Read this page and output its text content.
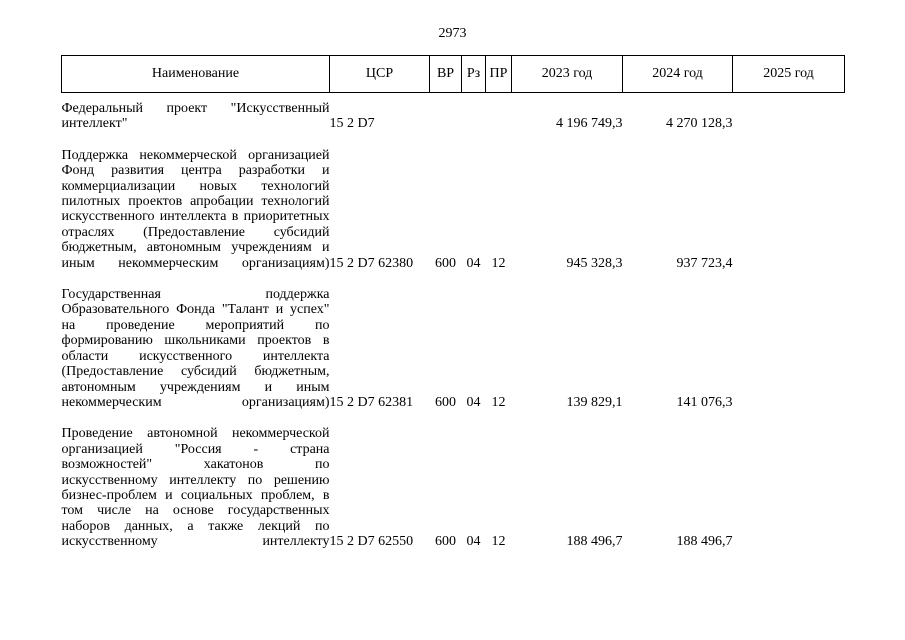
2973
Наименование	ЦСР	ВР	Рз	ПР	2023 год	2024 год	2025 год
Федеральный проект "Искусственный интеллект"	15 2 D7				4 196 749,3	4 270 128,3	
Поддержка некоммерческой организацией Фонд развития центра разработки и коммерциализации новых технологий пилотных проектов апробации технологий искусственного интеллекта в приоритетных отраслях (Предоставление субсидий бюджетным, автономным учреждениям и иным некоммерческим организациям)	15 2 D7 62380	600	04	12	945 328,3	937 723,4	
Государственная поддержка Образовательного Фонда "Талант и успех" на проведение мероприятий по формированию школьниками проектов в области искусственного интеллекта (Предоставление субсидий бюджетным, автономным учреждениям и иным некоммерческим организациям)	15 2 D7 62381	600	04	12	139 829,1	141 076,3	
Проведение автономной некоммерческой организацией "Россия - страна возможностей" хакатонов по искусственному интеллекту по решению бизнес-проблем и социальных проблем, в том числе на основе государственных наборов данных, а также лекций по искусственному интеллекту	15 2 D7 62550	600	04	12	188 496,7	188 496,7	
